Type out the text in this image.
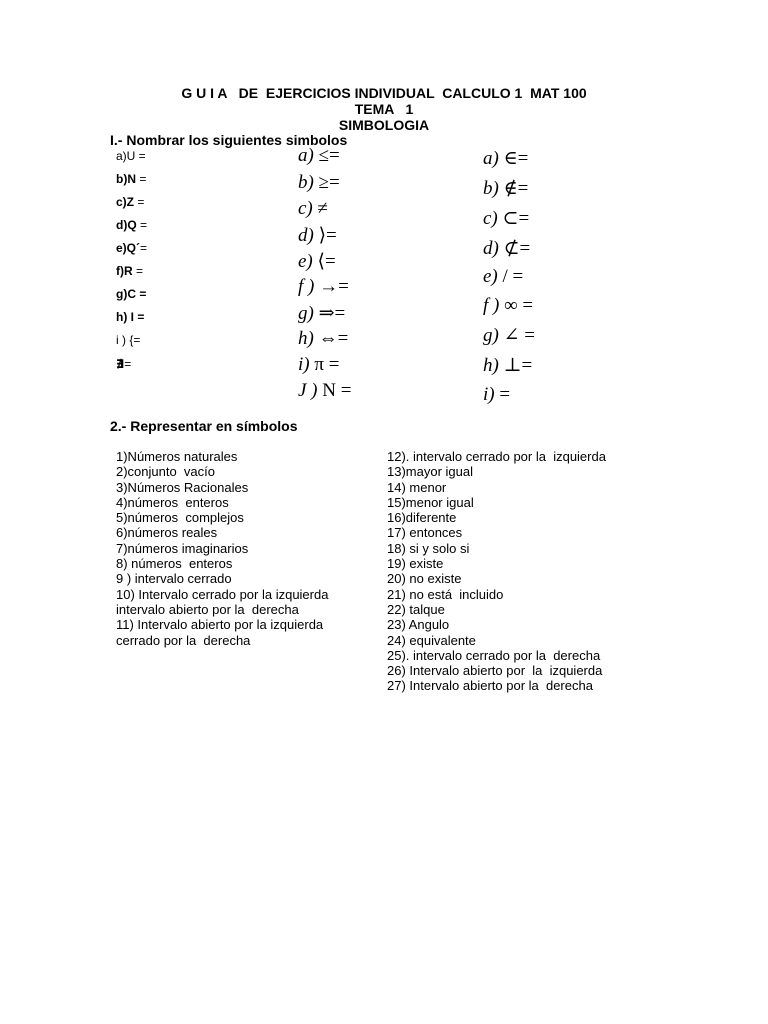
G U I A   DE  EJERCICIOS INDIVIDUAL  CALCULO 1  MAT 100
TEMA   1
SIMBOLOGIA
I.- Nombrar los siguientes simbolos
a)U =
b)N =
c)Z =
d)Q =
e)Q´=
f)R =
g)C =
h) I =
i ) {=
∄=
a) ≤=
b) ≥=
c) ≠
d) ⟩=
e) ⟨=
f ) →=
g) ⇒=
h) ⇔=
i) π =
J ) N =
a) ∈=
b) ∉=
c) ⊂=
d) ⊄=
e) / =
f ) ∞ =
g) ∠ =
h) ⊥=
i) =
2.- Representar en símbolos
1)Números naturales
2)conjunto  vacío
3)Números Racionales
4)números  enteros
5)números  complejos
6)números reales
7)números imaginarios
8) números  enteros
9 ) intervalo cerrado
10) Intervalo cerrado por la izquierda
intervalo abierto por la  derecha
11) Intervalo abierto por la izquierda
cerrado por la  derecha
12). intervalo cerrado por la  izquierda
13)mayor igual
14) menor
15)menor igual
16)diferente
17) entonces
18) si y solo si
19) existe
20) no existe
21) no está  incluido
22) talque
23) Angulo
24) equivalente
25). intervalo cerrado por la  derecha
26) Intervalo abierto por  la  izquierda
27) Intervalo abierto por la  derecha
